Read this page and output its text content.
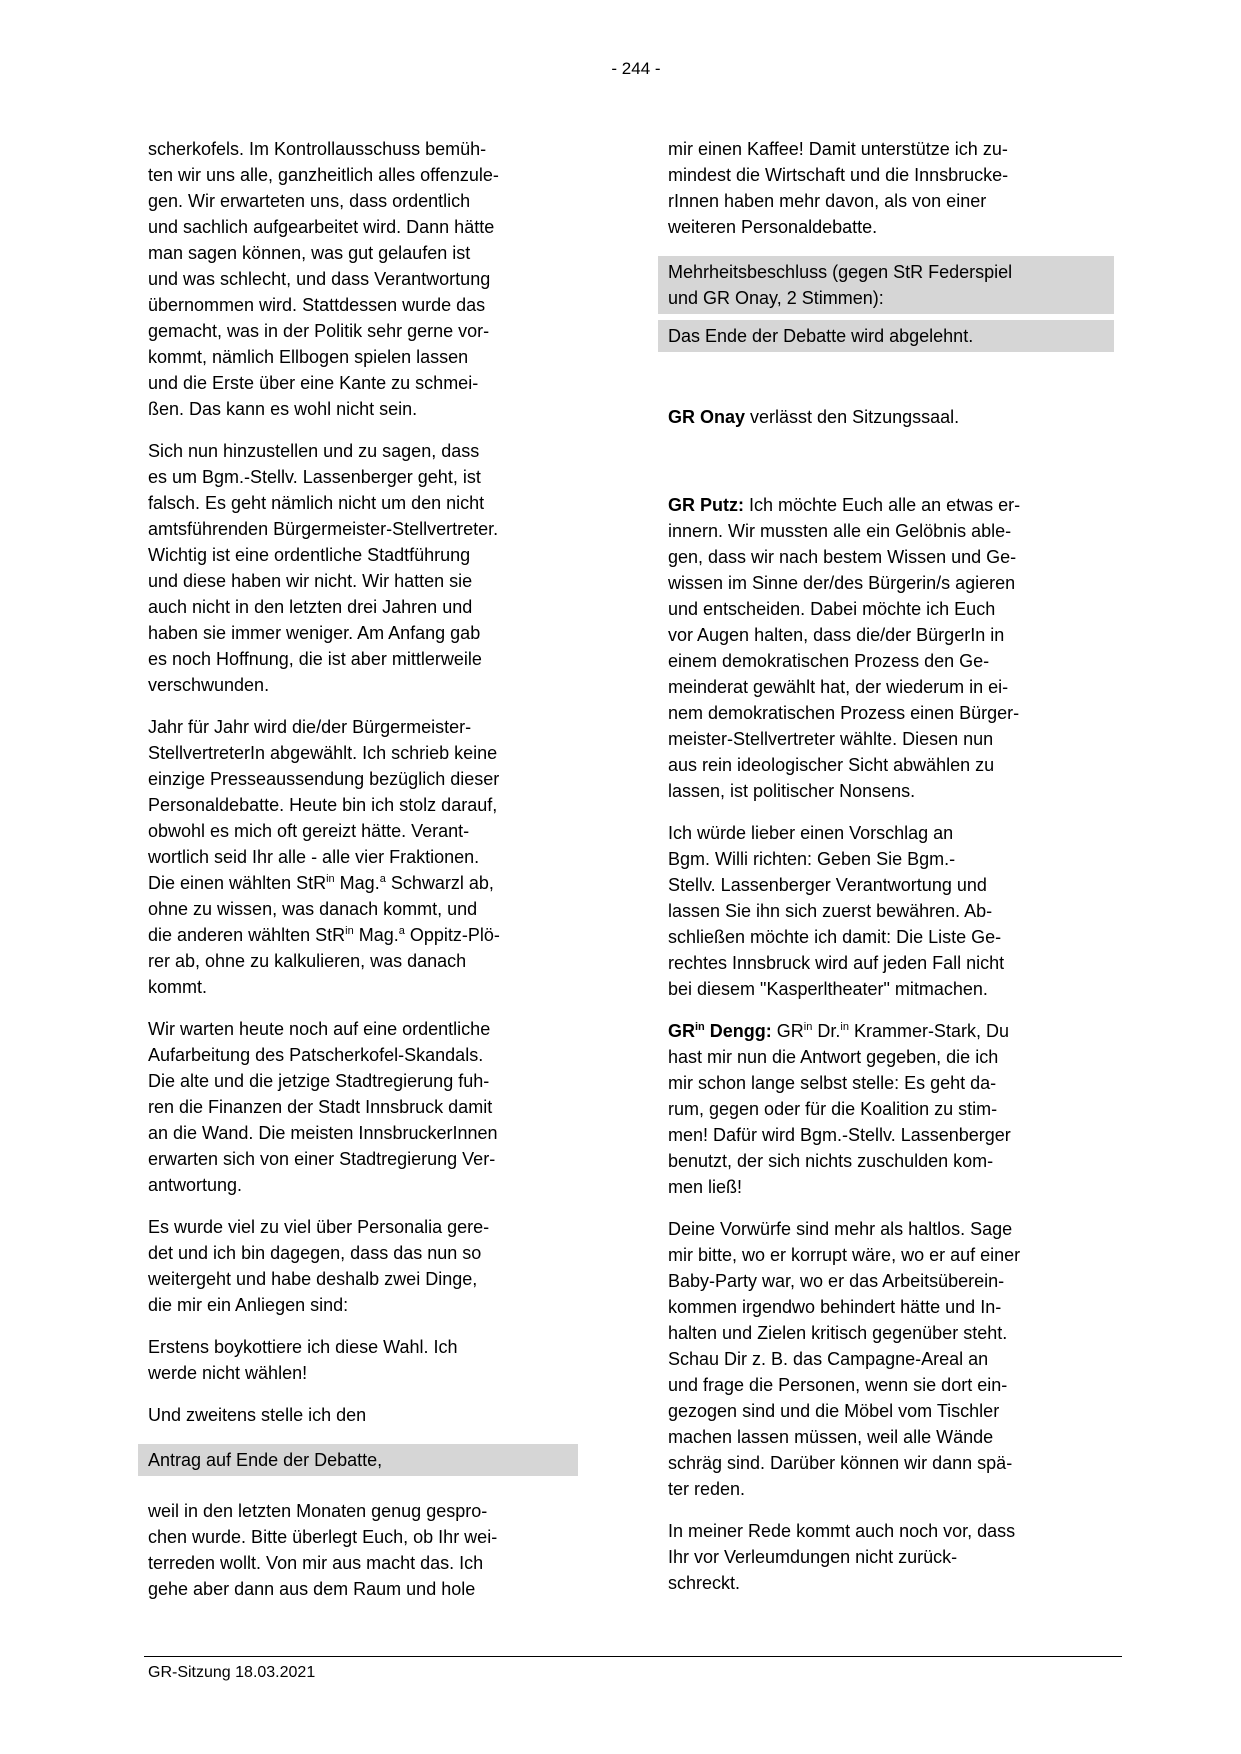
- 244 -
scherkofels. Im Kontrollausschuss bemüh-
ten wir uns alle, ganzheitlich alles offenzule-
gen. Wir erwarteten uns, dass ordentlich
und sachlich aufgearbeitet wird. Dann hätte
man sagen können, was gut gelaufen ist
und was schlecht, und dass Verantwortung
übernommen wird. Stattdessen wurde das
gemacht, was in der Politik sehr gerne vor-
kommt, nämlich Ellbogen spielen lassen
und die Erste über eine Kante zu schmei-
ßen. Das kann es wohl nicht sein.
Sich nun hinzustellen und zu sagen, dass
es um Bgm.-Stellv. Lassenberger geht, ist
falsch. Es geht nämlich nicht um den nicht
amtsführenden Bürgermeister-Stellvertreter.
Wichtig ist eine ordentliche Stadtführung
und diese haben wir nicht. Wir hatten sie
auch nicht in den letzten drei Jahren und
haben sie immer weniger. Am Anfang gab
es noch Hoffnung, die ist aber mittlerweile
verschwunden.
Jahr für Jahr wird die/der Bürgermeister-
StellvertreterIn abgewählt. Ich schrieb keine
einzige Presseaussendung bezüglich dieser
Personaldebatte. Heute bin ich stolz darauf,
obwohl es mich oft gereizt hätte. Verant-
wortlich seid Ihr alle - alle vier Fraktionen.
Die einen wählten StR$^{in}$ Mag.$^a$ Schwarzl ab,
ohne zu wissen, was danach kommt, und
die anderen wählten StR$^{in}$ Mag.$^a$ Oppitz-Plö-
rer ab, ohne zu kalkulieren, was danach
kommt.
Wir warten heute noch auf eine ordentliche
Aufarbeitung des Patscherkofel-Skandals.
Die alte und die jetzige Stadtregierung fuh-
ren die Finanzen der Stadt Innsbruck damit
an die Wand. Die meisten InnsbruckerInnen
erwarten sich von einer Stadtregierung Ver-
antwortung.
Es wurde viel zu viel über Personalia gere-
det und ich bin dagegen, dass das nun so
weitergeht und habe deshalb zwei Dinge,
die mir ein Anliegen sind:
Erstens boykottiere ich diese Wahl. Ich
werde nicht wählen!
Und zweitens stelle ich den
Antrag auf Ende der Debatte,
weil in den letzten Monaten genug gespro-
chen wurde. Bitte überlegt Euch, ob Ihr wei-
terreden wollt. Von mir aus macht das. Ich
gehe aber dann aus dem Raum und hole
mir einen Kaffee! Damit unterstütze ich zu-
mindest die Wirtschaft und die Innsbrucke-
rInnen haben mehr davon, als von einer
weiteren Personaldebatte.
Mehrheitsbeschluss (gegen StR Federspiel
und GR Onay, 2 Stimmen):
Das Ende der Debatte wird abgelehnt.
GR Onay verlässt den Sitzungssaal.
GR Putz: Ich möchte Euch alle an etwas er-
innern. Wir mussten alle ein Gelöbnis able-
gen, dass wir nach bestem Wissen und Ge-
wissen im Sinne der/des Bürgerin/s agieren
und entscheiden. Dabei möchte ich Euch
vor Augen halten, dass die/der BürgerIn in
einem demokratischen Prozess den Ge-
meinderat gewählt hat, der wiederum in ei-
nem demokratischen Prozess einen Bürger-
meister-Stellvertreter wählte. Diesen nun
aus rein ideologischer Sicht abwählen zu
lassen, ist politischer Nonsens.
Ich würde lieber einen Vorschlag an
Bgm. Willi richten: Geben Sie Bgm.-
Stellv. Lassenberger Verantwortung und
lassen Sie ihn sich zuerst bewähren. Ab-
schließen möchte ich damit: Die Liste Ge-
rechtes Innsbruck wird auf jeden Fall nicht
bei diesem "Kasperltheater" mitmachen.
$GR^{in}$ Dengg: $GR^{in}$ Dr.$^{in}$ Krammer-Stark, Du
hast mir nun die Antwort gegeben, die ich
mir schon lange selbst stelle: Es geht da-
rum, gegen oder für die Koalition zu stim-
men! Dafür wird Bgm.-Stellv. Lassenberger
benutzt, der sich nichts zuschulden kom-
men ließ!
Deine Vorwürfe sind mehr als haltlos. Sage
mir bitte, wo er korrupt wäre, wo er auf einer
Baby-Party war, wo er das Arbeitsüberein-
kommen irgendwo behindert hätte und In-
halten und Zielen kritisch gegenüber steht.
Schau Dir z. B. das Campagne-Areal an
und frage die Personen, wenn sie dort ein-
gezogen sind und die Möbel vom Tischler
machen lassen müssen, weil alle Wände
schräg sind. Darüber können wir dann spä-
ter reden.
In meiner Rede kommt auch noch vor, dass
Ihr vor Verleumdungen nicht zurück-
schreckt.
GR-Sitzung 18.03.2021
